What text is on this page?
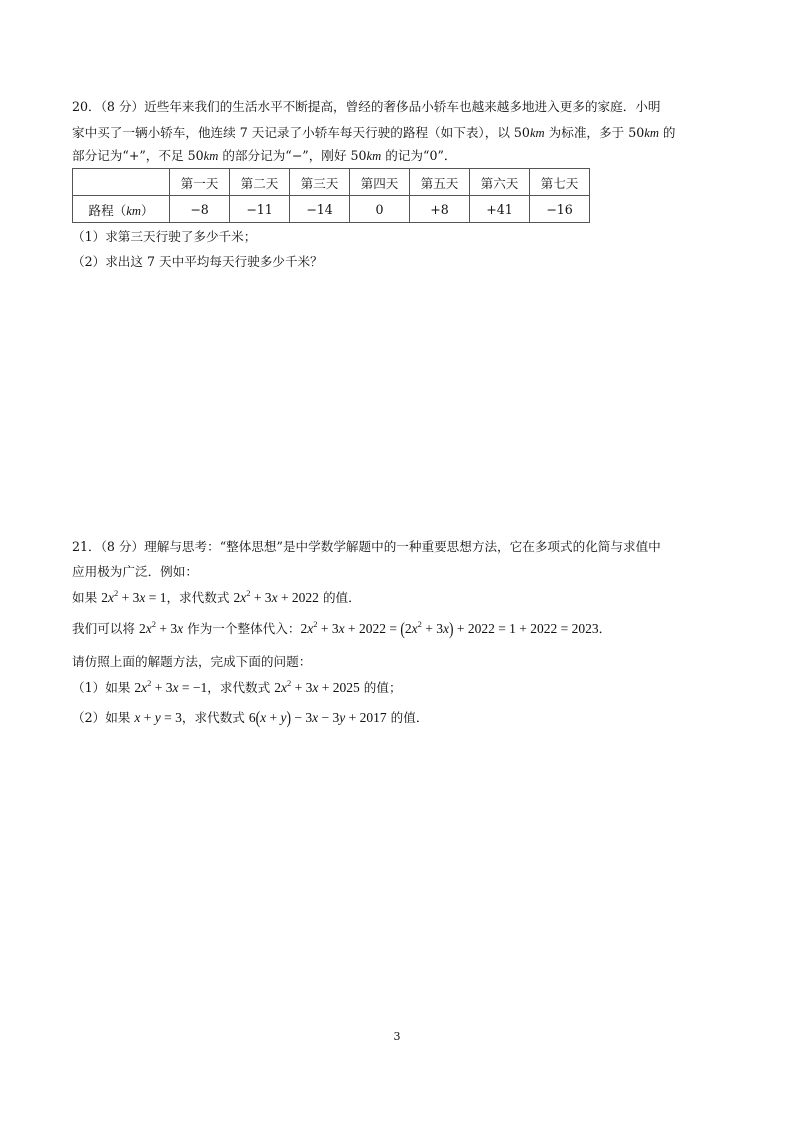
20．（8 分）近些年来我们的生活水平不断提高，曾经的奢侈品小轿车也越来越多地进入更多的家庭．小明
家中买了一辆小轿车，他连续 7 天记录了小轿车每天行驶的路程（如下表），以 50km 为标准，多于 50km 的
部分记为“+”，不足 50km 的部分记为“−”，刚好 50km 的记为“0”．
	第一天	第二天	第三天	第四天	第五天	第六天	第七天
路程（km）	−8	−11	−14	0	+8	+41	−16
（1）求第三天行驶了多少千米；
（2）求出这 7 天中平均每天行驶多少千米？
21．（8 分）理解与思考：“整体思想”是中学数学解题中的一种重要思想方法，它在多项式的化简与求值中
应用极为广泛．例如：
如果 $2x^2 + 3x = 1$，求代数式 $2x^2 + 3x + 2022$ 的值．
我们可以将 $2x^2 + 3x$ 作为一个整体代入：$2x^2 + 3x + 2022 = (2x^2 + 3x) + 2022 = 1 + 2022 = 2023$．
请仿照上面的解题方法，完成下面的问题：
（1）如果 $2x^2 + 3x = -1$，求代数式 $2x^2 + 3x + 2025$ 的值；
（2）如果 x + y = 3，求代数式 6(x + y) − 3x − 3y + 2017 的值．
3
